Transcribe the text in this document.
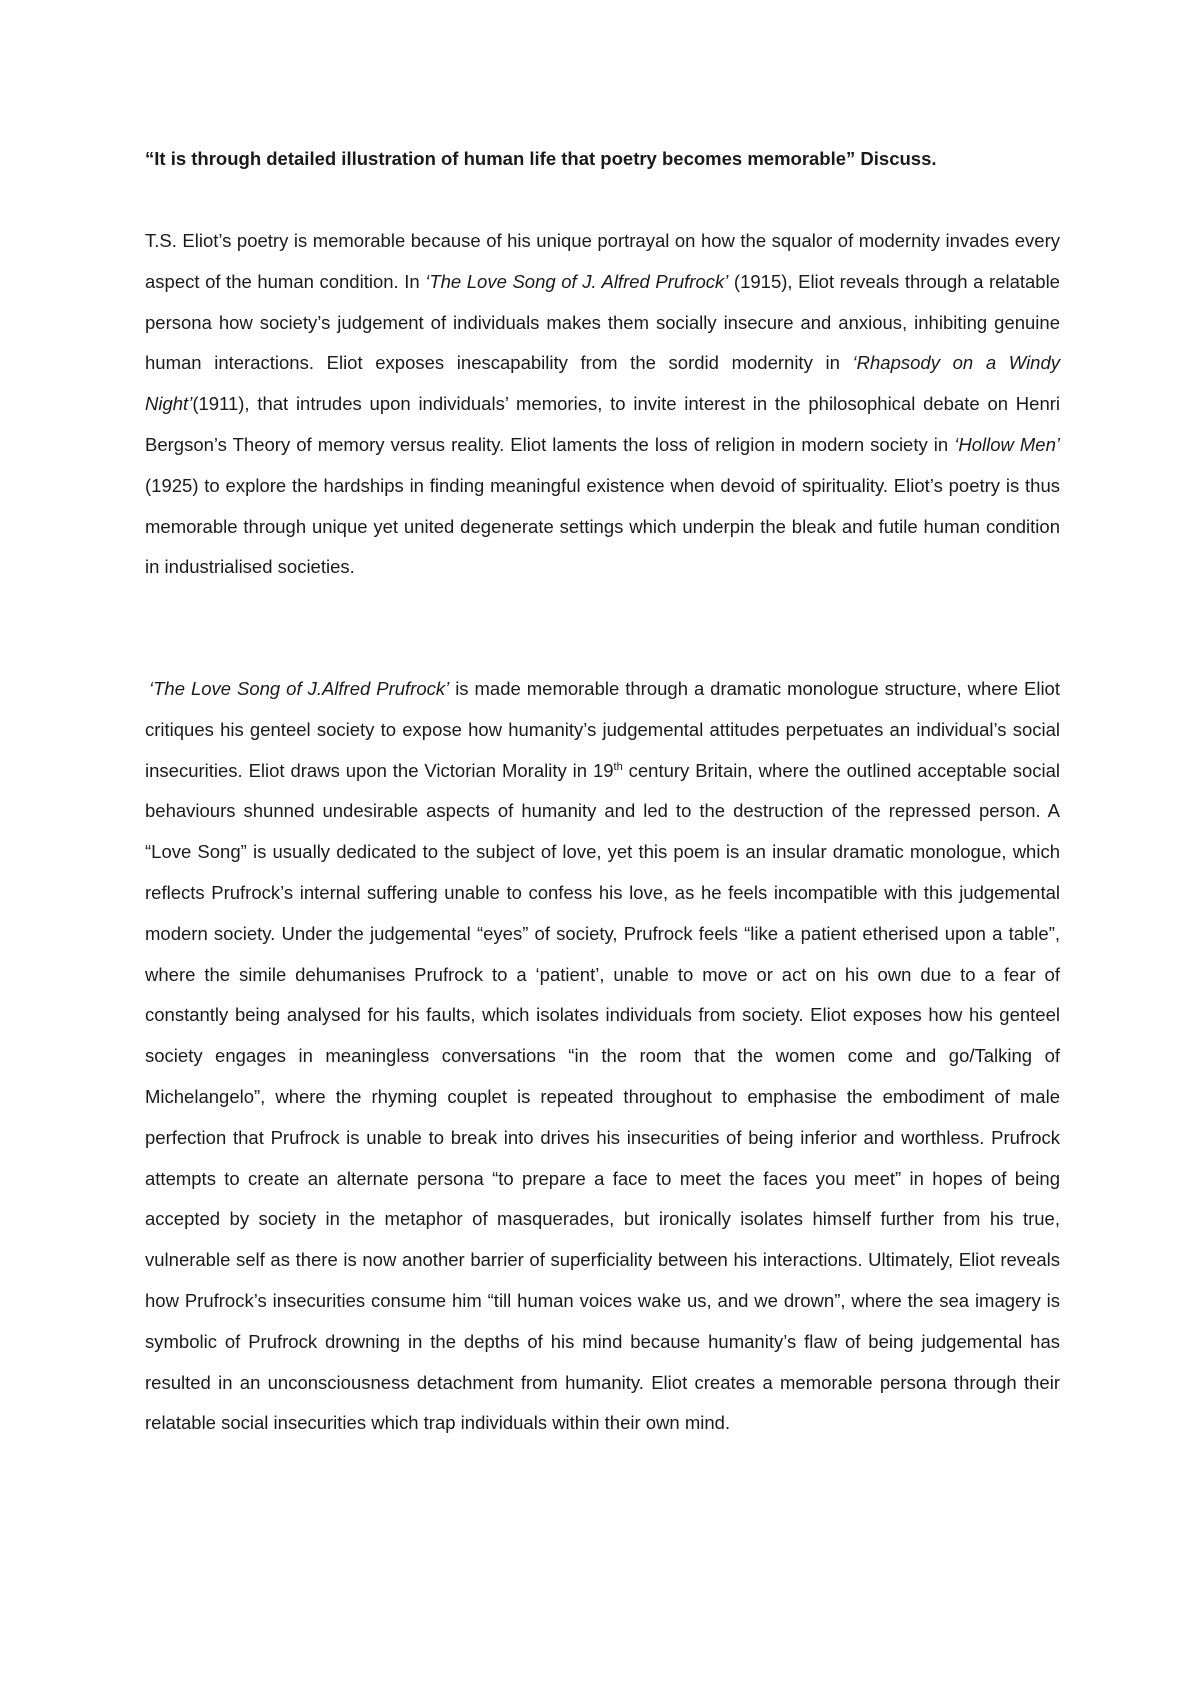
“It is through detailed illustration of human life that poetry becomes memorable” Discuss.

T.S. Eliot’s poetry is memorable because of his unique portrayal on how the squalor of modernity invades every aspect of the human condition. In ‘The Love Song of J. Alfred Prufrock’ (1915), Eliot reveals through a relatable persona how society’s judgement of individuals makes them socially insecure and anxious, inhibiting genuine human interactions. Eliot exposes inescapability from the sordid modernity in ‘Rhapsody on a Windy Night’(1911), that intrudes upon individuals’ memories, to invite interest in the philosophical debate on Henri Bergson’s Theory of memory versus reality. Eliot laments the loss of religion in modern society in ‘Hollow Men’ (1925) to explore the hardships in finding meaningful existence when devoid of spirituality. Eliot’s poetry is thus memorable through unique yet united degenerate settings which underpin the bleak and futile human condition in industrialised societies.

‘The Love Song of J.Alfred Prufrock’ is made memorable through a dramatic monologue structure, where Eliot critiques his genteel society to expose how humanity’s judgemental attitudes perpetuates an individual’s social insecurities. Eliot draws upon the Victorian Morality in 19th century Britain, where the outlined acceptable social behaviours shunned undesirable aspects of humanity and led to the destruction of the repressed person. A “Love Song” is usually dedicated to the subject of love, yet this poem is an insular dramatic monologue, which reflects Prufrock’s internal suffering unable to confess his love, as he feels incompatible with this judgemental modern society. Under the judgemental “eyes” of society, Prufrock feels “like a patient etherised upon a table”, where the simile dehumanises Prufrock to a ‘patient’, unable to move or act on his own due to a fear of constantly being analysed for his faults, which isolates individuals from society. Eliot exposes how his genteel society engages in meaningless conversations “in the room that the women come and go/Talking of Michelangelo”, where the rhyming couplet is repeated throughout to emphasise the embodiment of male perfection that Prufrock is unable to break into drives his insecurities of being inferior and worthless. Prufrock attempts to create an alternate persona “to prepare a face to meet the faces you meet” in hopes of being accepted by society in the metaphor of masquerades, but ironically isolates himself further from his true, vulnerable self as there is now another barrier of superficiality between his interactions. Ultimately, Eliot reveals how Prufrock’s insecurities consume him “till human voices wake us, and we drown”, where the sea imagery is symbolic of Prufrock drowning in the depths of his mind because humanity’s flaw of being judgemental has resulted in an unconsciousness detachment from humanity. Eliot creates a memorable persona through their relatable social insecurities which trap individuals within their own mind.
